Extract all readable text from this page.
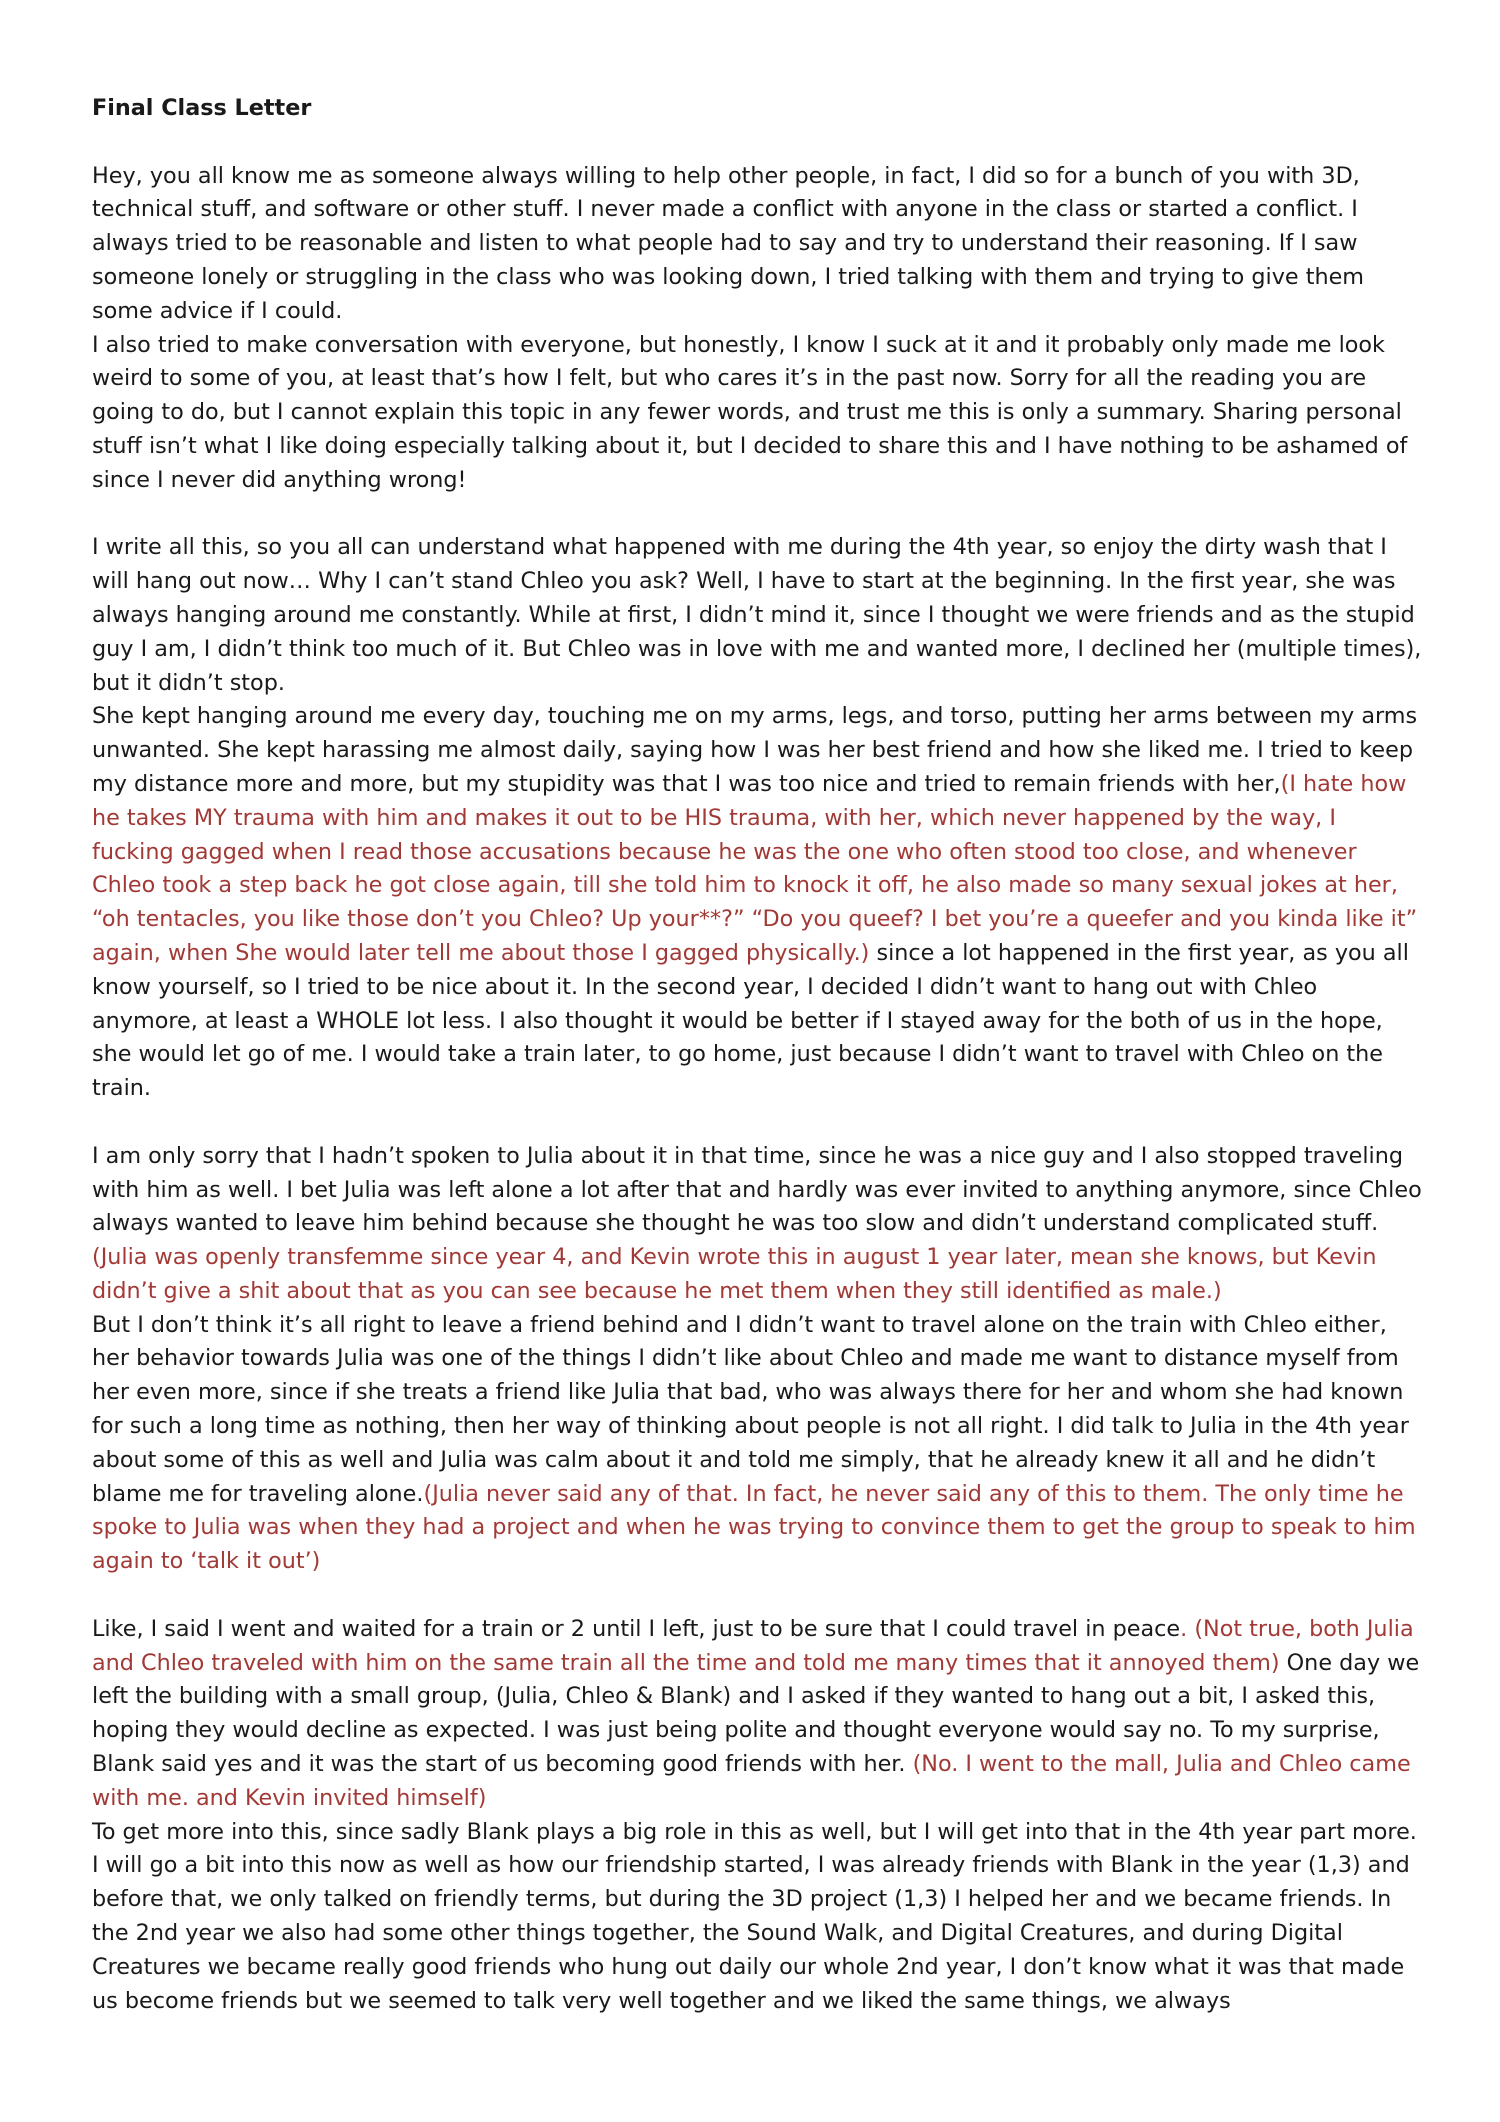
Final Class Letter

Hey, you all know me as someone always willing to help other people, in fact, I did so for a bunch of you with 3D, technical stuff, and software or other stuff. I never made a conflict with anyone in the class or started a conflict. I always tried to be reasonable and listen to what people had to say and try to understand their reasoning. If I saw someone lonely or struggling in the class who was looking down, I tried talking with them and trying to give them some advice if I could.

I also tried to make conversation with everyone, but honestly, I know I suck at it and it probably only made me look weird to some of you, at least that’s how I felt, but who cares it’s in the past now. Sorry for all the reading you are going to do, but I cannot explain this topic in any fewer words, and trust me this is only a summary. Sharing personal stuff isn’t what I like doing especially talking about it, but I decided to share this and I have nothing to be ashamed of since I never did anything wrong!

I write all this, so you all can understand what happened with me during the 4th year, so enjoy the dirty wash that I will hang out now… Why I can’t stand Chleo you ask? Well, I have to start at the beginning. In the first year, she was always hanging around me constantly. While at first, I didn’t mind it, since I thought we were friends and as the stupid guy I am, I didn’t think too much of it. But Chleo was in love with me and wanted more, I declined her (multiple times), but it didn’t stop.

She kept hanging around me every day, touching me on my arms, legs, and torso, putting her arms between my arms unwanted. She kept harassing me almost daily, saying how I was her best friend and how she liked me. I tried to keep my distance more and more, but my stupidity was that I was too nice and tried to remain friends with her,(I hate how he takes MY trauma with him and makes it out to be HIS trauma, with her, which never happened by the way, I fucking gagged when I read those accusations because he was the one who often stood too close, and whenever Chleo took a step back he got close again, till she told him to knock it off, he also made so many sexual jokes at her, “oh tentacles, you like those don’t you Chleo? Up your**?” “Do you queef? I bet you’re a queefer and you kinda like it” again, when She would later tell me about those I gagged physically.) since a lot happened in the first year, as you all know yourself, so I tried to be nice about it. In the second year, I decided I didn’t want to hang out with Chleo anymore, at least a WHOLE lot less. I also thought it would be better if I stayed away for the both of us in the hope, she would let go of me. I would take a train later, to go home, just because I didn’t want to travel with Chleo on the train.

I am only sorry that I hadn’t spoken to Julia about it in that time, since he was a nice guy and I also stopped traveling with him as well. I bet Julia was left alone a lot after that and hardly was ever invited to anything anymore, since Chleo always wanted to leave him behind because she thought he was too slow and didn’t understand complicated stuff. (Julia was openly transfemme since year 4, and Kevin wrote this in august 1 year later, mean she knows, but Kevin didn’t give a shit about that as you can see because he met them when they still identified as male.)

But I don’t think it’s all right to leave a friend behind and I didn’t want to travel alone on the train with Chleo either, her behavior towards Julia was one of the things I didn’t like about Chleo and made me want to distance myself from her even more, since if she treats a friend like Julia that bad, who was always there for her and whom she had known for such a long time as nothing, then her way of thinking about people is not all right. I did talk to Julia in the 4th year about some of this as well and Julia was calm about it and told me simply, that he already knew it all and he didn’t blame me for traveling alone.(Julia never said any of that. In fact, he never said any of this to them. The only time he spoke to Julia was when they had a project and when he was trying to convince them to get the group to speak to him again to ‘talk it out’)

Like, I said I went and waited for a train or 2 until I left, just to be sure that I could travel in peace. (Not true, both Julia and Chleo traveled with him on the same train all the time and told me many times that it annoyed them) One day we left the building with a small group, (Julia, Chleo & Blank) and I asked if they wanted to hang out a bit, I asked this, hoping they would decline as expected. I was just being polite and thought everyone would say no. To my surprise, Blank said yes and it was the start of us becoming good friends with her. (No. I went to the mall, Julia and Chleo came with me. and Kevin invited himself)

To get more into this, since sadly Blank plays a big role in this as well, but I will get into that in the 4th year part more. I will go a bit into this now as well as how our friendship started, I was already friends with Blank in the year (1,3) and before that, we only talked on friendly terms, but during the 3D project (1,3) I helped her and we became friends. In the 2nd year we also had some other things together, the Sound Walk, and Digital Creatures, and during Digital Creatures we became really good friends who hung out daily our whole 2nd year, I don’t know what it was that made us become friends but we seemed to talk very well together and we liked the same things, we always
